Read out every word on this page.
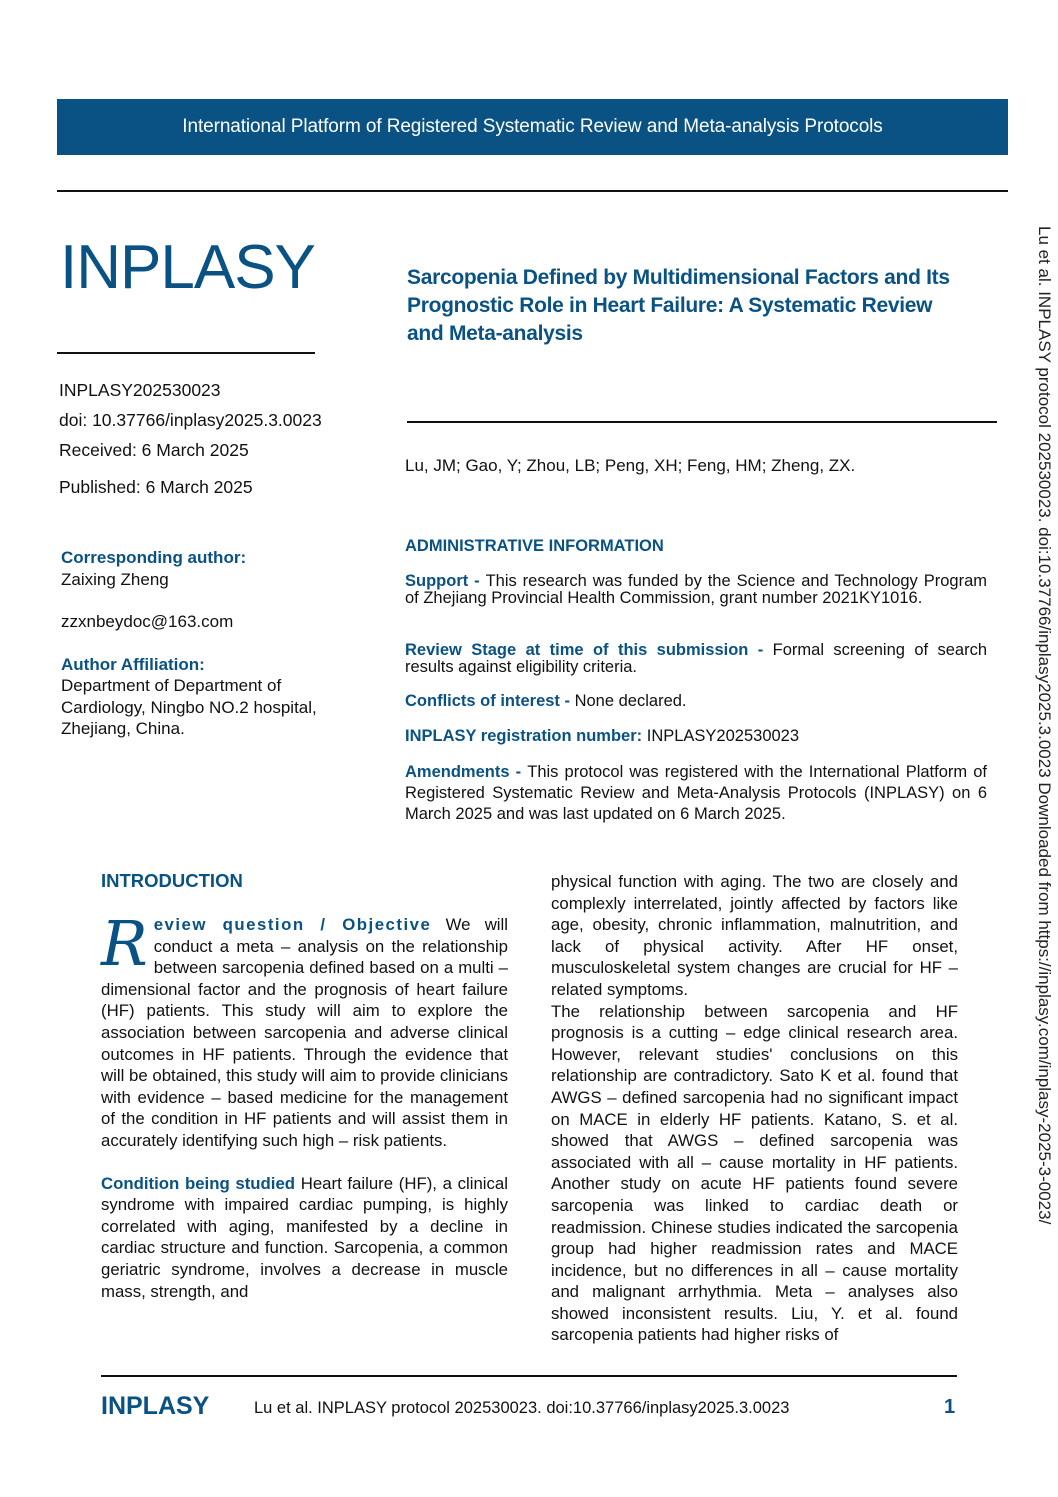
International Platform of Registered Systematic Review and Meta-analysis Protocols
Lu et al. INPLASY protocol 202530023. doi:10.37766/inplasy2025.3.0023 Downloaded from https://inplasy.com/inplasy-2025-3-0023/
INPLASY
INPLASY202530023
doi: 10.37766/inplasy2025.3.0023
Received: 6 March 2025
Published: 6 March 2025
Sarcopenia Defined by Multidimensional Factors and Its Prognostic Role in Heart Failure: A Systematic Review and Meta-analysis
Lu, JM; Gao, Y; Zhou, LB; Peng, XH; Feng, HM; Zheng, ZX.
Corresponding author:
Zaixing Zheng
zzxnbeydoc@163.com
Author Affiliation:
Department of Department of Cardiology, Ningbo NO.2 hospital, Zhejiang, China.
ADMINISTRATIVE INFORMATION
Support - This research was funded by the Science and Technology Program of Zhejiang Provincial Health Commission, grant number 2021KY1016.
Review Stage at time of this submission - Formal screening of search results against eligibility criteria.
Conflicts of interest - None declared.
INPLASY registration number: INPLASY202530023
Amendments - This protocol was registered with the International Platform of Registered Systematic Review and Meta-Analysis Protocols (INPLASY) on 6 March 2025 and was last updated on 6 March 2025.
INTRODUCTION
Review question / Objective We will conduct a meta – analysis on the relationship between sarcopenia defined based on a multi – dimensional factor and the prognosis of heart failure (HF) patients. This study will aim to explore the association between sarcopenia and adverse clinical outcomes in HF patients. Through the evidence that will be obtained, this study will aim to provide clinicians with evidence – based medicine for the management of the condition in HF patients and will assist them in accurately identifying such high – risk patients.
Condition being studied Heart failure (HF), a clinical syndrome with impaired cardiac pumping, is highly correlated with aging, manifested by a decline in cardiac structure and function. Sarcopenia, a common geriatric syndrome, involves a decrease in muscle mass, strength, and
physical function with aging. The two are closely and complexly interrelated, jointly affected by factors like age, obesity, chronic inflammation, malnutrition, and lack of physical activity. After HF onset, musculoskeletal system changes are crucial for HF – related symptoms.
The relationship between sarcopenia and HF prognosis is a cutting – edge clinical research area. However, relevant studies' conclusions on this relationship are contradictory. Sato K et al. found that AWGS – defined sarcopenia had no significant impact on MACE in elderly HF patients. Katano, S. et al. showed that AWGS – defined sarcopenia was associated with all – cause mortality in HF patients. Another study on acute HF patients found severe sarcopenia was linked to cardiac death or readmission. Chinese studies indicated the sarcopenia group had higher readmission rates and MACE incidence, but no differences in all – cause mortality and malignant arrhythmia. Meta – analyses also showed inconsistent results. Liu, Y. et al. found sarcopenia patients had higher risks of
INPLASY	Lu et al. INPLASY protocol 202530023. doi:10.37766/inplasy2025.3.0023	1
